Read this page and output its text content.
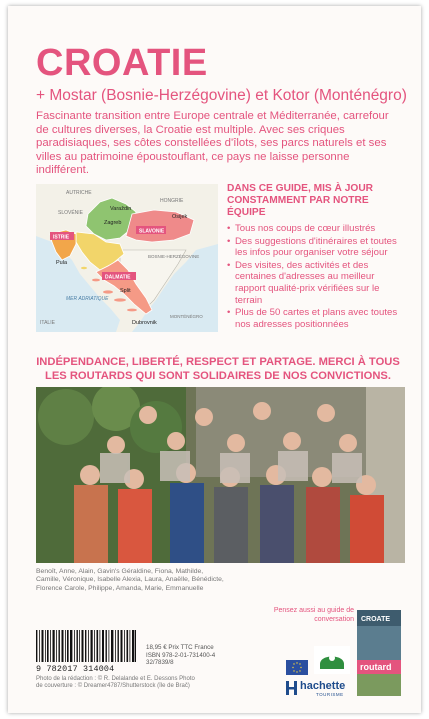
CROATIE
+ Mostar (Bosnie-Herzégovine) et Kotor (Monténégro)
Fascinante transition entre Europe centrale et Méditerranée, carrefour de cultures diverses, la Croatie est multiple. Avec ses criques paradisiaques, ses côtes constellées d'îlots, ses parcs naturels et ses villes au patrimoine époustouflant, ce pays ne laisse personne indifférent.
AUTRICHE
HONGRIE
SLOVÉNIE
Varaždin
Zagreb
Osijek
SLAVONIE
ISTRIE
Pula
BOSNIE-HERZÉGOVINE
DALMATIE
Split
MER ADRIATIQUE
ITALIE	Dubrovnik
MONTÉNÉGRO
DANS CE GUIDE, MIS À JOUR CONSTAMMENT PAR NOTRE ÉQUIPE
• Tous nos coups de cœur illustrés
• Des suggestions d'itinéraires et toutes les infos pour organiser votre séjour
• Des visites, des activités et des centaines d'adresses au meilleur rapport qualité-prix vérifiées sur le terrain
• Plus de 50 cartes et plans avec toutes nos adresses positionnées
INDÉPENDANCE, LIBERTÉ, RESPECT ET PARTAGE. MERCI À TOUS LES ROUTARDS QUI SONT SOLIDAIRES DE NOS CONVICTIONS.
Benoît, Anne, Alain, Gavin's Géraldine, Fiona, Mathilde, Camille, Véronique, Isabelle Alexia, Laura, Anaëlle, Bénédicte, Florence Carole, Philippe, Amanda, Marie, Emmanuelle
Pensez aussi au guide de conversation CROATE
routard
9 782017 314004
18,95 € Prix TTC France
ISBN 978-2-01-731400-4
32/7839/8
Photo de la rédaction : © R. Delalande et E. Dessons Photo de couverture : © Dreamer4787/Shutterstock (île de Brač)	hachette
TOURISME
